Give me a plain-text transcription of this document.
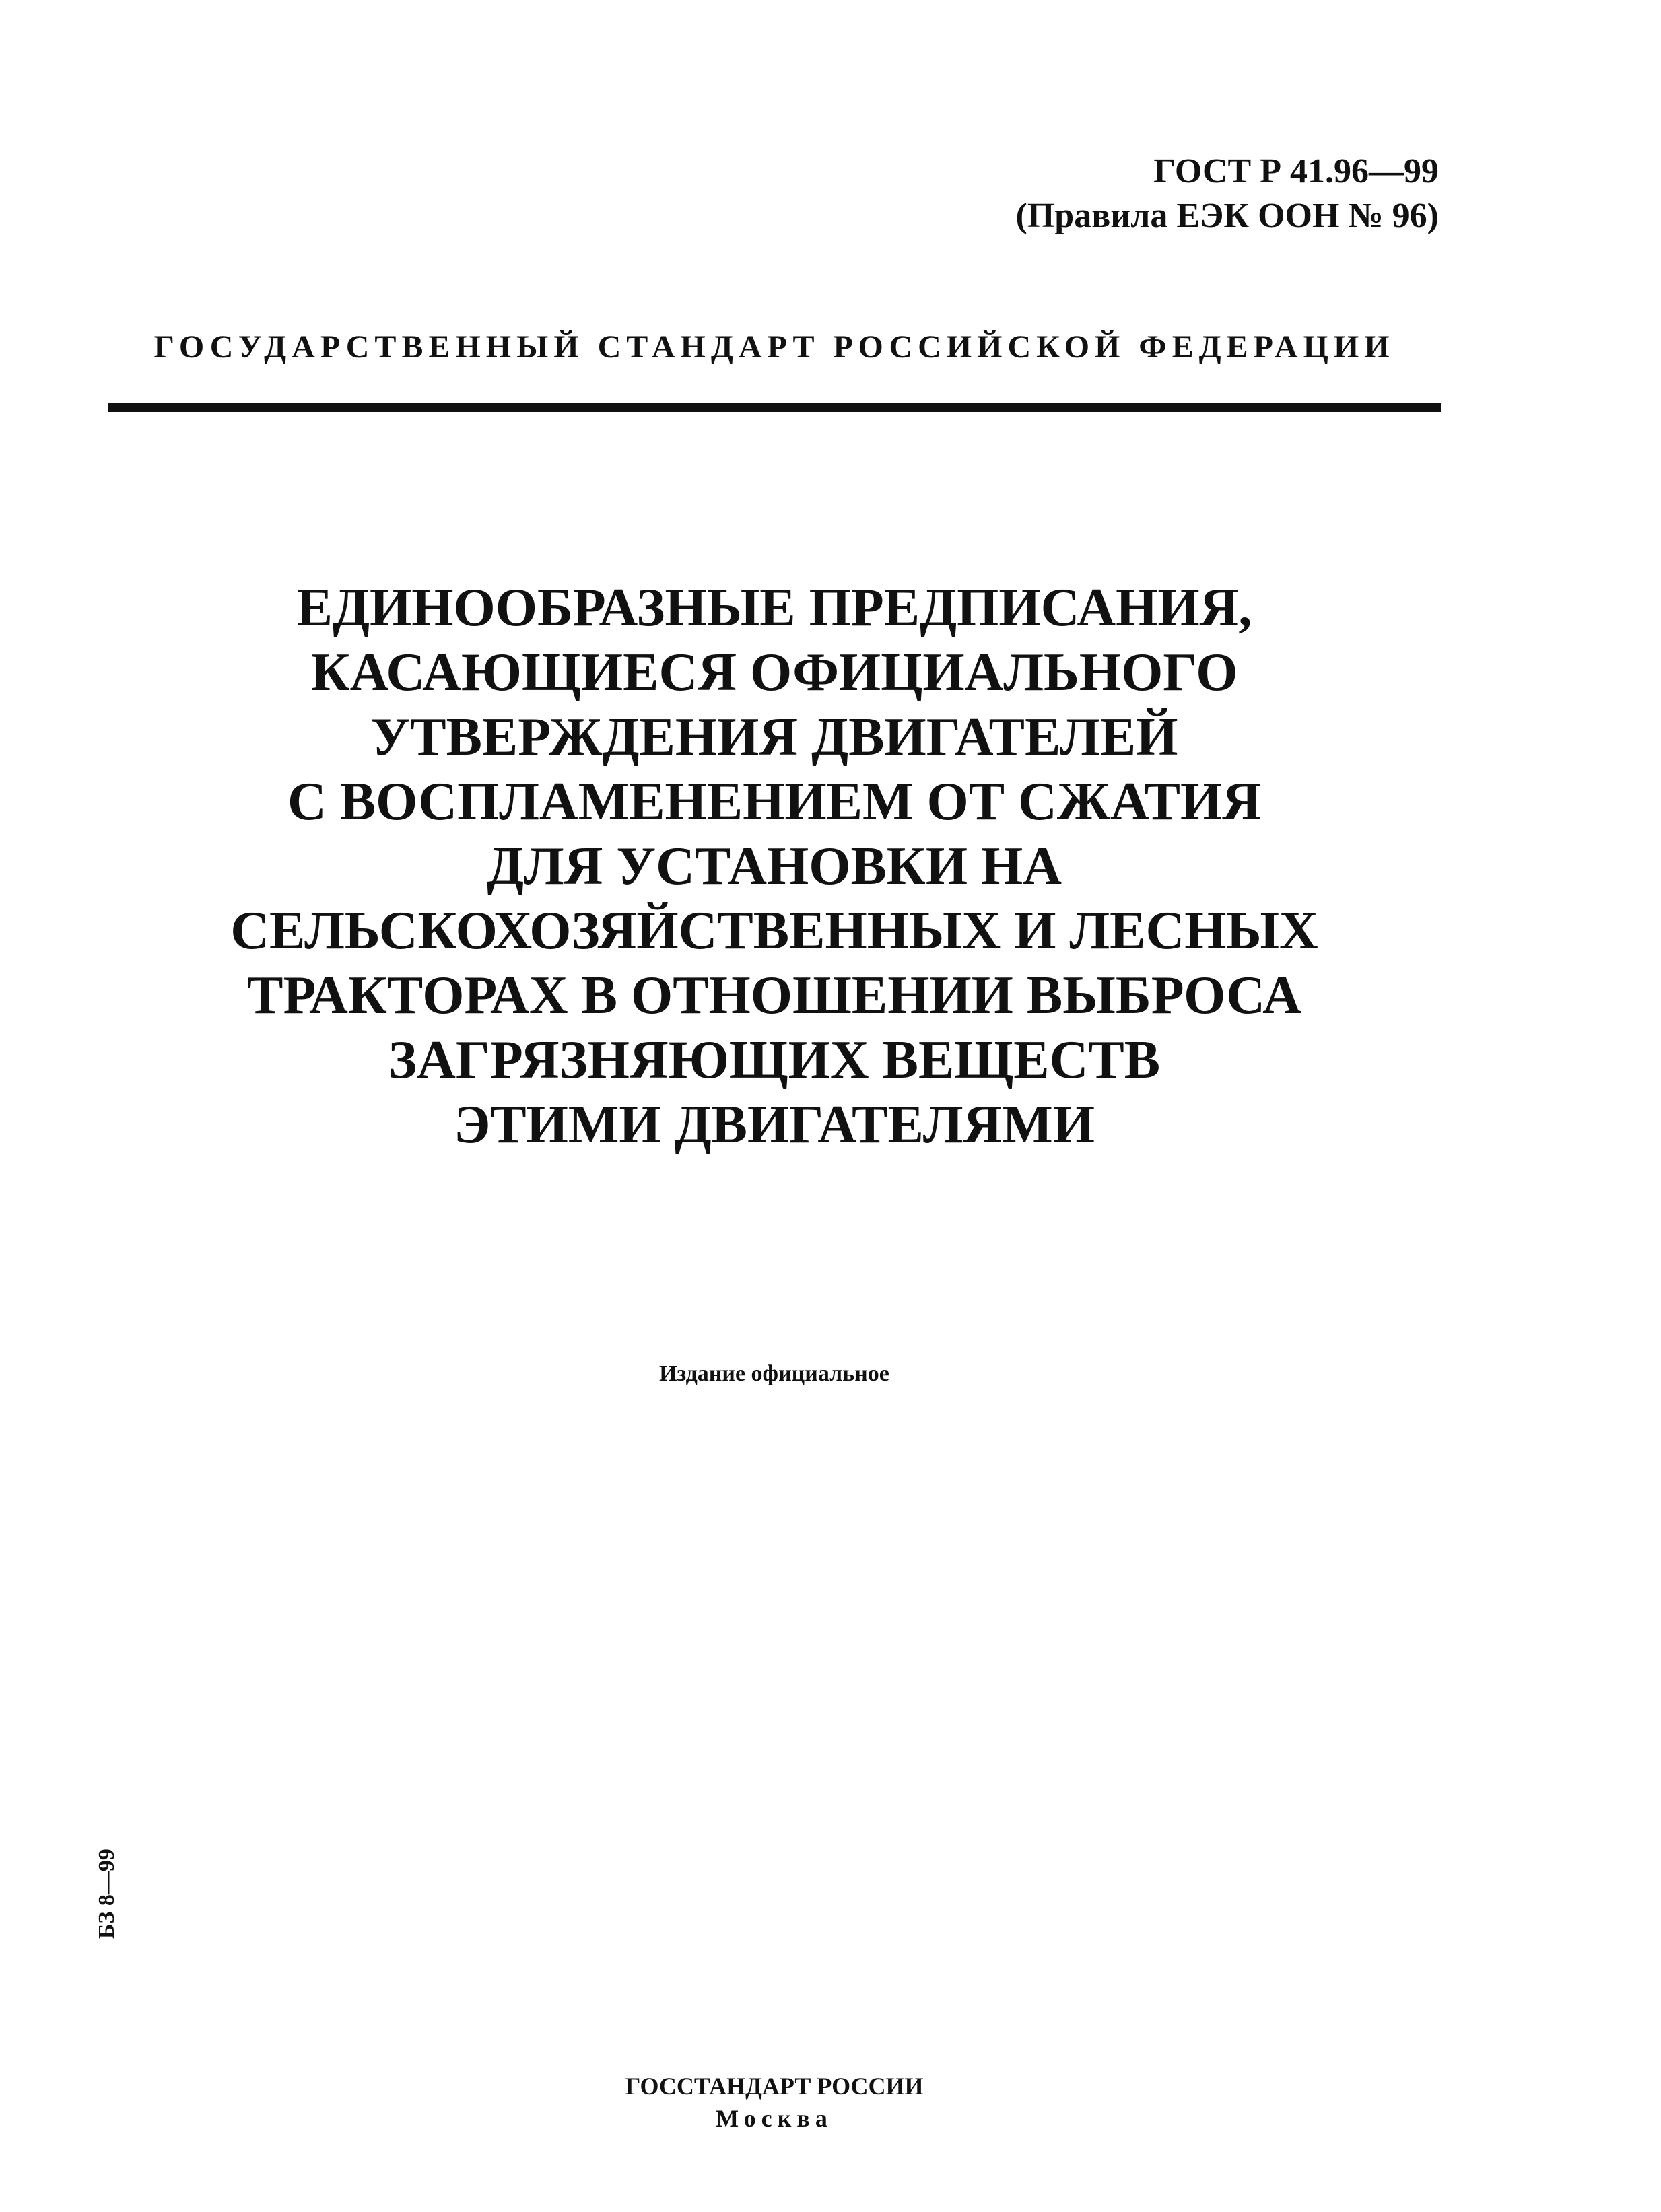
ГОСТ Р 41.96—99
(Правила ЕЭК ООН № 96)
ГОСУДАРСТВЕННЫЙ СТАНДАРТ РОССИЙСКОЙ ФЕДЕРАЦИИ
ЕДИНООБРАЗНЫЕ ПРЕДПИСАНИЯ,
КАСАЮЩИЕСЯ ОФИЦИАЛЬНОГО
УТВЕРЖДЕНИЯ ДВИГАТЕЛЕЙ
С ВОСПЛАМЕНЕНИЕМ ОТ СЖАТИЯ
ДЛЯ УСТАНОВКИ НА
СЕЛЬСКОХОЗЯЙСТВЕННЫХ И ЛЕСНЫХ
ТРАКТОРАХ В ОТНОШЕНИИ ВЫБРОСА
ЗАГРЯЗНЯЮЩИХ ВЕЩЕСТВ
ЭТИМИ ДВИГАТЕЛЯМИ
Издание официальное
БЗ 8—99
ГОССТАНДАРТ РОССИИ
Москва
